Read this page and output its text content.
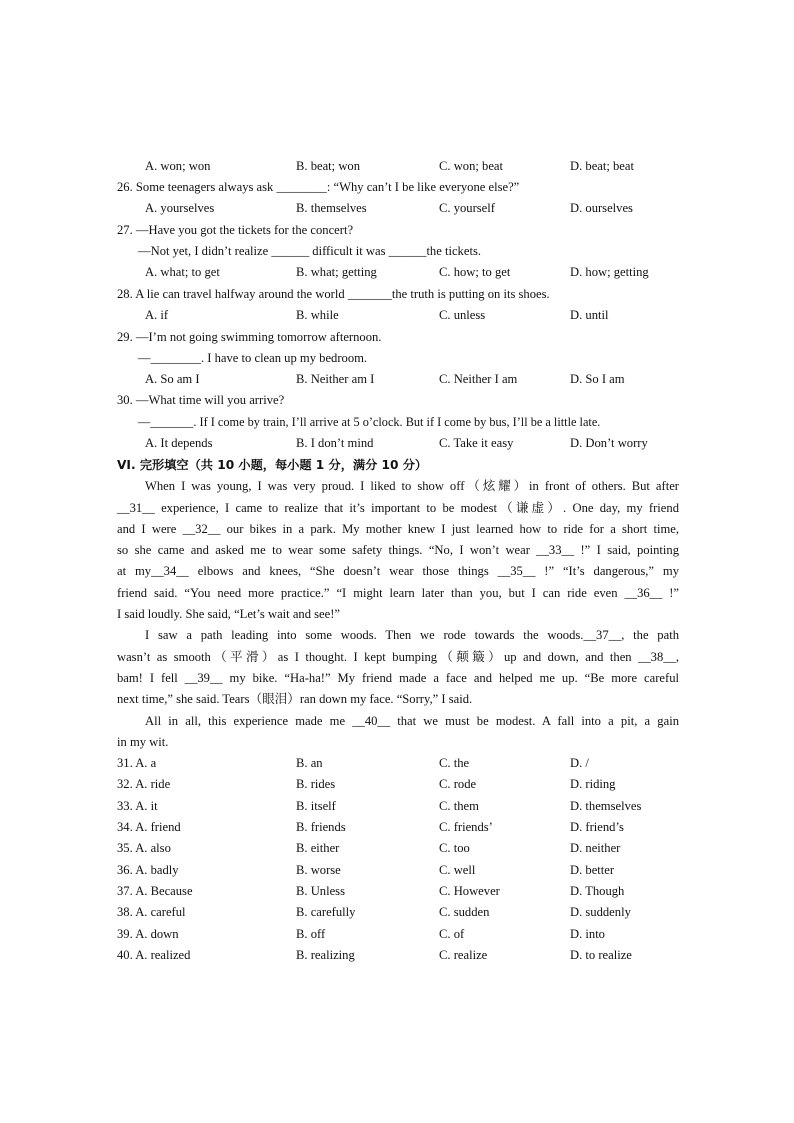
A. won; won	B. beat; won	C. won; beat	D. beat; beat
26. Some teenagers always ask ________: “Why can’t I be like everyone else?”
A. yourselves	B. themselves	C. yourself	D. ourselves
27. —Have you got the tickets for the concert?
—Not yet, I didn’t realize ______ difficult it was ______the tickets.
A. what; to get	B. what; getting	C. how; to get	D. how; getting
28. A lie can travel halfway around the world _______the truth is putting on its shoes.
A. if	B. while	C. unless	D. until
29. —I’m not going swimming tomorrow afternoon.
—________. I have to clean up my bedroom.
A. So am I	B. Neither am I	C. Neither I am	D. So I am
30. —What time will you arrive?
—_______. If I come by train, I’ll arrive at 5 o’clock. But if I come by bus, I’ll be a little late.
A. It depends	B. I don’t mind	C. Take it easy	D. Don’t worry
VI. 完形填空（共 10 小题，每小题 1 分，满分 10 分）
When I was young, I was very proud. I liked to show off（炫耀）in front of others. But after
__31__ experience, I came to realize that it’s important to be modest（谦虚）. One day, my friend
and I were __32__ our bikes in a park. My mother knew I just learned how to ride for a short time,
so she came and asked me to wear some safety things. “No, I won’t wear __33__ !” I said, pointing
at my__34__ elbows and knees, “She doesn’t wear those things __35__ !” “It’s dangerous,” my
friend said. “You need more practice.” “I might learn later than you, but I can ride even __36__ !”
I said loudly. She said, “Let’s wait and see!”
I saw a path leading into some woods. Then we rode towards the woods.__37__, the path
wasn’t as smooth（平滑）as I thought. I kept bumping（颠簸）up and down, and then __38__,
bam! I fell __39__ my bike. “Ha-ha!” My friend made a face and helped me up. “Be more careful
next time,” she said. Tears（眼泪）ran down my face. “Sorry,” I said.
All in all, this experience made me __40__ that we must be modest. A fall into a pit, a gain
in my wit.
31. A. a	B. an	C. the	D. /
32. A. ride	B. rides	C. rode	D. riding
33. A. it	B. itself	C. them	D. themselves
34. A. friend	B. friends	C. friends’	D. friend’s
35. A. also	B. either	C. too	D. neither
36. A. badly	B. worse	C. well	D. better
37. A. Because	B. Unless	C. However	D. Though
38. A. careful	B. carefully	C. sudden	D. suddenly
39. A. down	B. off	C. of	D. into
40. A. realized	B. realizing	C. realize	D. to realize
